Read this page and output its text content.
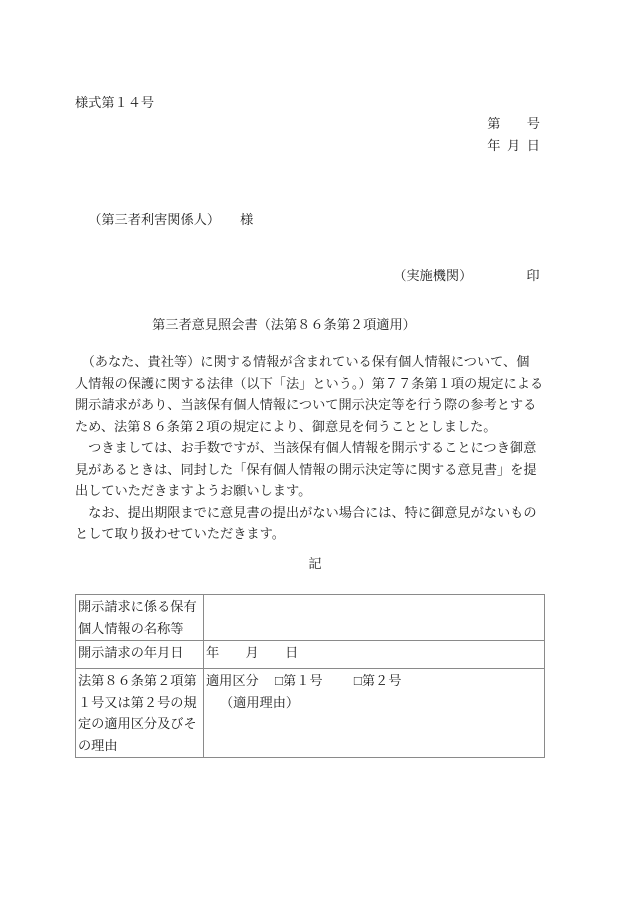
様式第１４号
第　　号
年  月  日

（第三者利害関係人） 様

（実施機関）	印

第三者意見照会書（法第８６条第２項適用）
　（あなた、貴社等）に関する情報が含まれている保有個人情報について、個
人情報の保護に関する法律（以下「法」という。）第７７条第１項の規定による
開示請求があり、当該保有個人情報について開示決定等を行う際の参考とする
ため、法第８６条第２項の規定により、御意見を伺うこととしました。
　つきましては、お手数ですが、当該保有個人情報を開示することにつき御意
見があるときは、同封した「保有個人情報の開示決定等に関する意見書」を提
出していただきますようお願いします。
　なお、提出期限までに意見書の提出がない場合には、特に御意見がないもの
として取り扱わせていただきます。
記
開示請求に係る保有個人情報の名称等	
開示請求の年月日	年　　月　　日
法第８６条第２項第１号又は第２号の規定の適用区分及びその理由	適用区分 □第１号 □第２号
（適用理由）
